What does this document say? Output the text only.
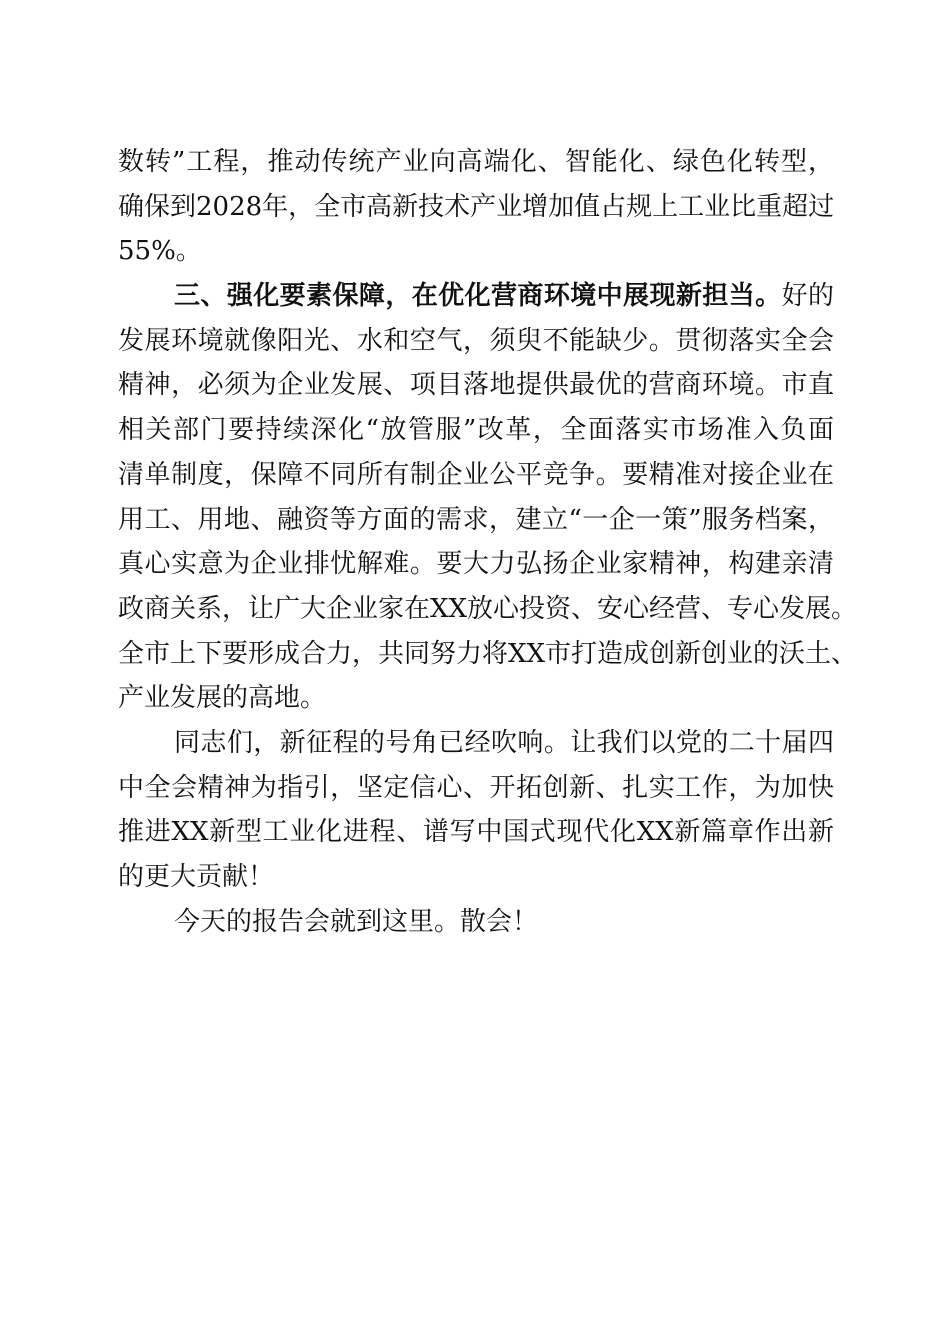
数转”工程，推动传统产业向高端化、智能化、绿色化转型，
确保到2028年，全市高新技术产业增加值占规上工业比重超过
55%。
三、强化要素保障，在优化营商环境中展现新担当。好的
发展环境就像阳光、水和空气，须臾不能缺少。贯彻落实全会
精神，必须为企业发展、项目落地提供最优的营商环境。市直
相关部门要持续深化“放管服”改革，全面落实市场准入负面
清单制度，保障不同所有制企业公平竞争。要精准对接企业在
用工、用地、融资等方面的需求，建立“一企一策”服务档案，
真心实意为企业排忧解难。要大力弘扬企业家精神，构建亲清
政商关系，让广大企业家在XX放心投资、安心经营、专心发展。
全市上下要形成合力，共同努力将XX市打造成创新创业的沃土、
产业发展的高地。
同志们，新征程的号角已经吹响。让我们以党的二十届四
中全会精神为指引，坚定信心、开拓创新、扎实工作，为加快
推进XX新型工业化进程、谱写中国式现代化XX新篇章作出新
的更大贡献！
今天的报告会就到这里。散会！
